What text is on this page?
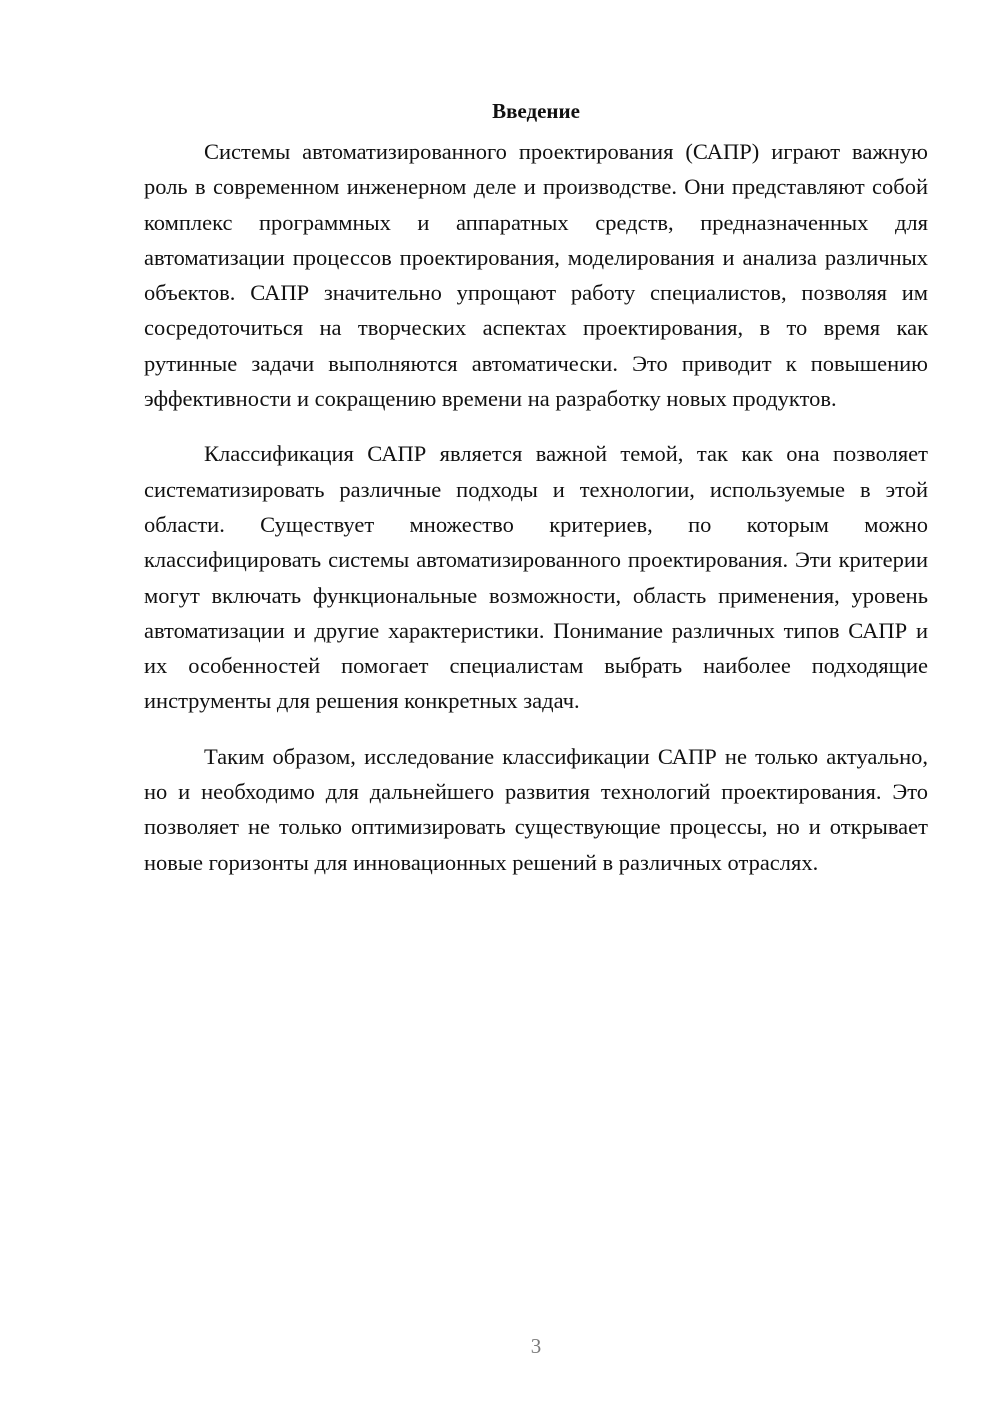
Введение

Системы автоматизированного проектирования (САПР) играют важную роль в современном инженерном деле и производстве. Они представляют собой комплекс программных и аппаратных средств, предназначенных для автоматизации процессов проектирования, моделирования и анализа различных объектов. САПР значительно упрощают работу специалистов, позволяя им сосредоточиться на творческих аспектах проектирования, в то время как рутинные задачи выполняются автоматически. Это приводит к повышению эффективности и сокращению времени на разработку новых продуктов.

Классификация САПР является важной темой, так как она позволяет систематизировать различные подходы и технологии, используемые в этой области. Существует множество критериев, по которым можно классифицировать системы автоматизированного проектирования. Эти критерии могут включать функциональные возможности, область применения, уровень автоматизации и другие характеристики. Понимание различных типов САПР и их особенностей помогает специалистам выбрать наиболее подходящие инструменты для решения конкретных задач.

Таким образом, исследование классификации САПР не только актуально, но и необходимо для дальнейшего развития технологий проектирования. Это позволяет не только оптимизировать существующие процессы, но и открывает новые горизонты для инновационных решений в различных отраслях.

3
